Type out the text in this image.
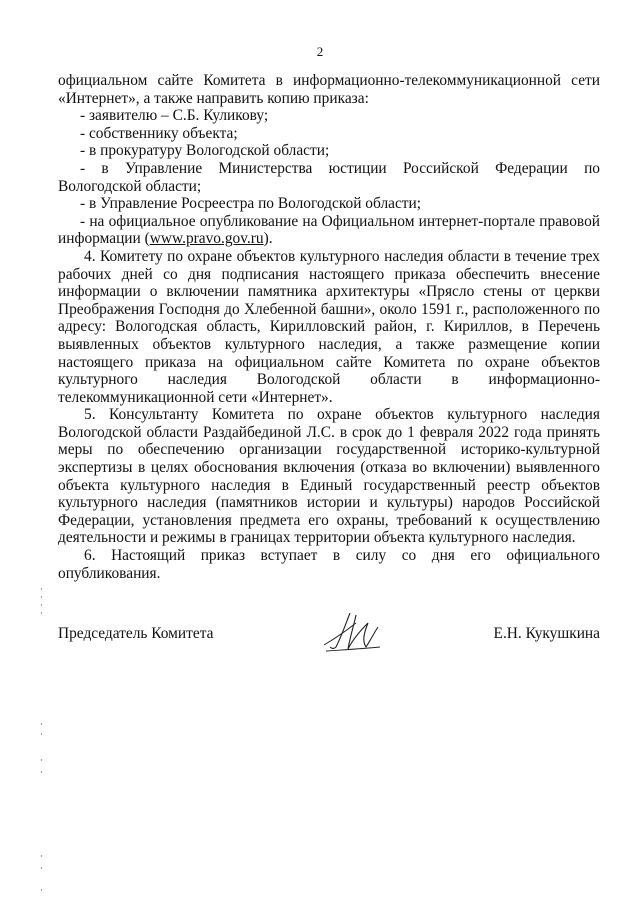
2

официальном сайте Комитета в информационно-телекоммуникационной сети «Интернет», а также направить копию приказа:

- заявителю – С.Б. Куликову;

- собственнику объекта;

- в прокуратуру Вологодской области;

- в Управление Министерства юстиции Российской Федерации по Вологодской области;

- в Управление Росреестра по Вологодской области;

- на официальное опубликование на Официальном интернет-портале правовой информации (www.pravo.gov.ru).

4. Комитету по охране объектов культурного наследия области в течение трех рабочих дней со дня подписания настоящего приказа обеспечить внесение информации о включении памятника архитектуры «Прясло стены от церкви Преображения Господня до Хлебенной башни», около 1591 г., расположенного по адресу: Вологодская область, Кирилловский район, г. Кириллов, в Перечень выявленных объектов культурного наследия, а также размещение копии настоящего приказа на официальном сайте Комитета по охране объектов культурного наследия Вологодской области в информационно-телекоммуникационной сети «Интернет».

5. Консультанту Комитета по охране объектов культурного наследия Вологодской области Раздайбединой Л.С. в срок до 1 февраля 2022 года принять меры по обеспечению организации государственной историко-культурной экспертизы в целях обоснования включения (отказа во включении) выявленного объекта культурного наследия в Единый государственный реестр объектов культурного наследия (памятников истории и культуры) народов Российской Федерации, установления предмета его охраны, требований к осуществлению деятельности и режимы в границах территории объекта культурного наследия.

6. Настоящий приказ вступает в силу со дня его официального опубликования.

Председатель Комитета	Е.Н. Кукушкина
